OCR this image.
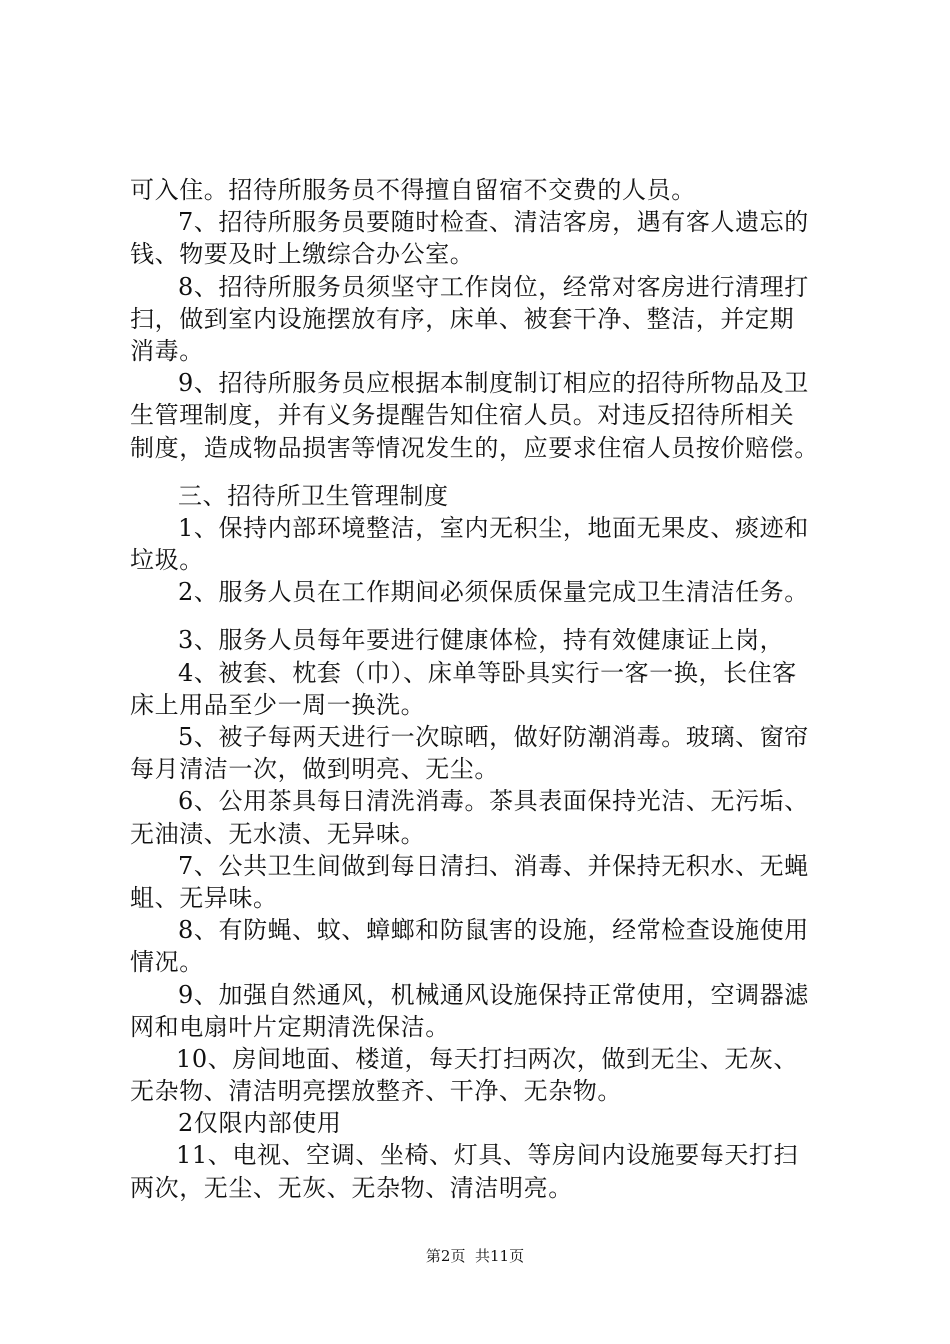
可入住。招待所服务员不得擅自留宿不交费的人员。
7、招待所服务员要随时检查、清洁客房，遇有客人遗忘的
钱、物要及时上缴综合办公室。
8、招待所服务员须坚守工作岗位，经常对客房进行清理打
扫，做到室内设施摆放有序，床单、被套干净、整洁，并定期
消毒。
9、招待所服务员应根据本制度制订相应的招待所物品及卫
生管理制度，并有义务提醒告知住宿人员。对违反招待所相关
制度，造成物品损害等情况发生的，应要求住宿人员按价赔偿。
三、招待所卫生管理制度
1、保持内部环境整洁，室内无积尘，地面无果皮、痰迹和
垃圾。
2、服务人员在工作期间必须保质保量完成卫生清洁任务。
3、服务人员每年要进行健康体检，持有效健康证上岗，
4、被套、枕套（巾）、床单等卧具实行一客一换，长住客
床上用品至少一周一换洗。
5、被子每两天进行一次晾晒，做好防潮消毒。玻璃、窗帘
每月清洁一次，做到明亮、无尘。
6、公用茶具每日清洗消毒。茶具表面保持光洁、无污垢、
无油渍、无水渍、无异味。
7、公共卫生间做到每日清扫、消毒、并保持无积水、无蝇
蛆、无异味。
8、有防蝇、蚊、蟑螂和防鼠害的设施，经常检查设施使用
情况。
9、加强自然通风，机械通风设施保持正常使用，空调器滤
网和电扇叶片定期清洗保洁。
10、房间地面、楼道，每天打扫两次，做到无尘、无灰、
无杂物、清洁明亮摆放整齐、干净、无杂物。
2仅限内部使用
11、电视、空调、坐椅、灯具、等房间内设施要每天打扫
两次，无尘、无灰、无杂物、清洁明亮。
第2页  共11页
